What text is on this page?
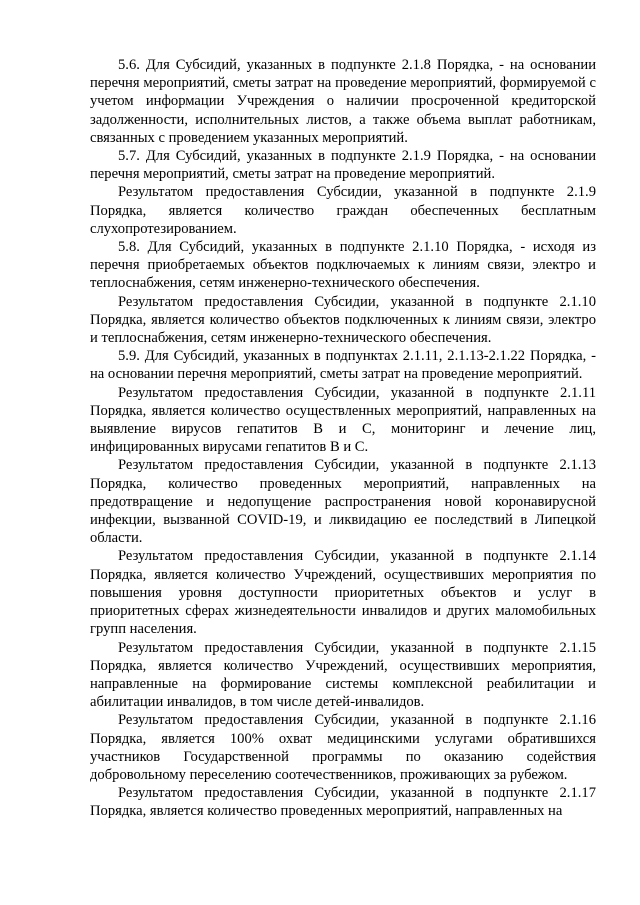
5.6. Для Субсидий, указанных в подпункте 2.1.8 Порядка, - на основании перечня мероприятий, сметы затрат на проведение мероприятий, формируемой с учетом информации Учреждения о наличии просроченной кредиторской задолженности, исполнительных листов, а также объема выплат работникам, связанных с проведением указанных мероприятий.

5.7. Для Субсидий, указанных в подпункте 2.1.9 Порядка, - на основании перечня мероприятий, сметы затрат на проведение мероприятий.

Результатом предоставления Субсидии, указанной в подпункте 2.1.9 Порядка, является количество граждан обеспеченных бесплатным слухопротезированием.

5.8. Для Субсидий, указанных в подпункте 2.1.10 Порядка, - исходя из перечня приобретаемых объектов подключаемых к линиям связи, электро и теплоснабжения, сетям инженерно-технического обеспечения.

Результатом предоставления Субсидии, указанной в подпункте 2.1.10 Порядка, является количество объектов подключенных к линиям связи, электро и теплоснабжения, сетям инженерно-технического обеспечения.

5.9. Для Субсидий, указанных в подпунктах 2.1.11, 2.1.13-2.1.22 Порядка, - на основании перечня мероприятий, сметы затрат на проведение мероприятий.

Результатом предоставления Субсидии, указанной в подпункте 2.1.11 Порядка, является количество осуществленных мероприятий, направленных на выявление вирусов гепатитов В и С, мониторинг и лечение лиц, инфицированных вирусами гепатитов В и С.

Результатом предоставления Субсидии, указанной в подпункте 2.1.13 Порядка, количество проведенных мероприятий, направленных на предотвращение и недопущение распространения новой коронавирусной инфекции, вызванной COVID-19, и ликвидацию ее последствий в Липецкой области.

Результатом предоставления Субсидии, указанной в подпункте 2.1.14 Порядка, является количество Учреждений, осуществивших мероприятия по повышения уровня доступности приоритетных объектов и услуг в приоритетных сферах жизнедеятельности инвалидов и других маломобильных групп населения.

Результатом предоставления Субсидии, указанной в подпункте 2.1.15 Порядка, является количество Учреждений, осуществивших мероприятия, направленные на формирование системы комплексной реабилитации и абилитации инвалидов, в том числе детей-инвалидов.

Результатом предоставления Субсидии, указанной в подпункте 2.1.16 Порядка, является 100% охват медицинскими услугами обратившихся участников Государственной программы по оказанию содействия добровольному переселению соотечественников, проживающих за рубежом.

Результатом предоставления Субсидии, указанной в подпункте 2.1.17 Порядка, является количество проведенных мероприятий, направленных на
